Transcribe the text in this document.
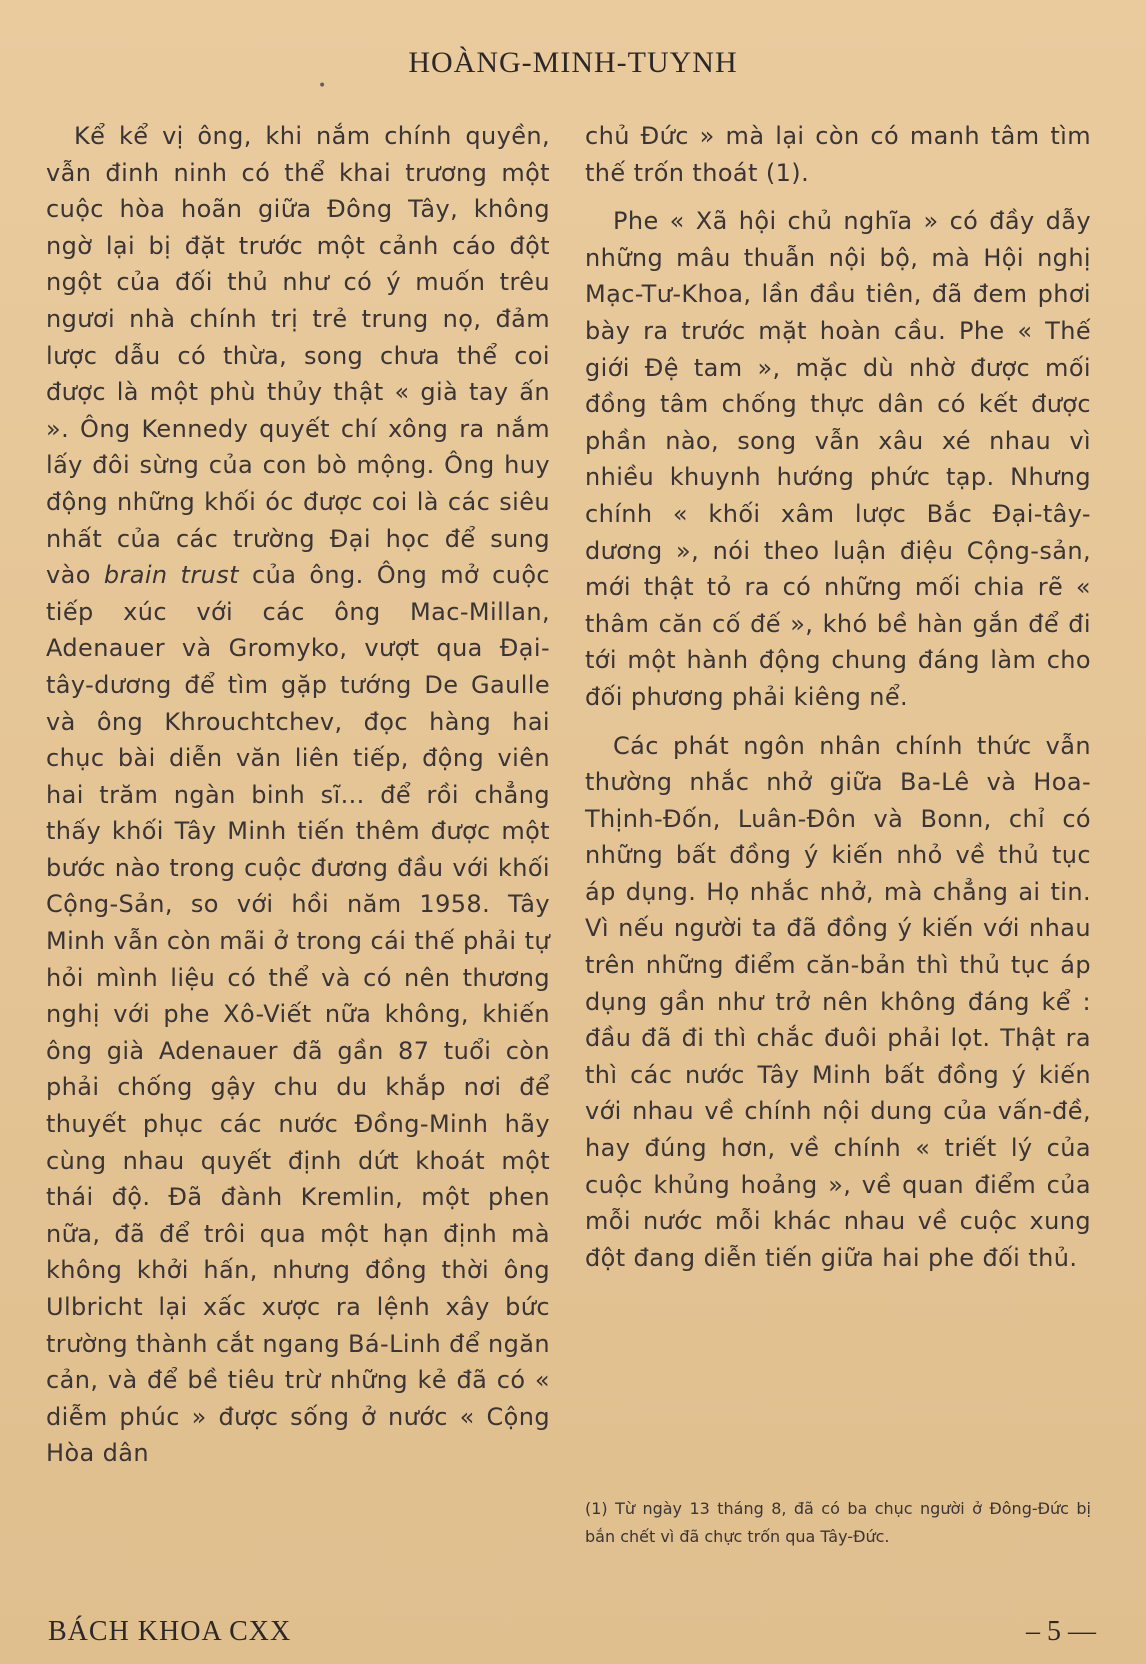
HOÀNG-MINH-TUYNH
•

Kể kể vị ông, khi nắm chính quyền, vẫn đinh ninh có thể khai trương một cuộc hòa hoãn giữa Đông Tây, không ngờ lại bị đặt trước một cảnh cáo đột ngột của đối thủ như có ý muốn trêu ngươi nhà chính trị trẻ trung nọ, đảm lược dẫu có thừa, song chưa thể coi được là một phù thủy thật « già tay ấn ». Ông Kennedy quyết chí xông ra nắm lấy đôi sừng của con bò mộng. Ông huy động những khối óc được coi là các siêu nhất của các trường Đại học để sung vào brain trust của ông. Ông mở cuộc tiếp xúc với các ông Mac-Millan, Adenauer và Gromyko, vượt qua Đại-tây-dương để tìm gặp tướng De Gaulle và ông Khrouchtchev, đọc hàng hai chục bài diễn văn liên tiếp, động viên hai trăm ngàn binh sĩ... để rồi chẳng thấy khối Tây Minh tiến thêm được một bước nào trong cuộc đương đầu với khối Cộng-Sản, so với hồi năm 1958. Tây Minh vẫn còn mãi ở trong cái thế phải tự hỏi mình liệu có thể và có nên thương nghị với phe Xô-Viết nữa không, khiến ông già Adenauer đã gần 87 tuổi còn phải chống gậy chu du khắp nơi để thuyết phục các nước Đồng-Minh hãy cùng nhau quyết định dứt khoát một thái độ. Đã đành Kremlin, một phen nữa, đã để trôi qua một hạn định mà không khởi hấn, nhưng đồng thời ông Ulbricht lại xấc xược ra lệnh xây bức trường thành cắt ngang Bá-Linh để ngăn cản, và để bề tiêu trừ những kẻ đã có « diễm phúc » được sống ở nước « Cộng Hòa dân

chủ Đức » mà lại còn có manh tâm tìm thế trốn thoát (1).

Phe « Xã hội chủ nghĩa » có đầy dẫy những mâu thuẫn nội bộ, mà Hội nghị Mạc-Tư-Khoa, lần đầu tiên, đã đem phơi bày ra trước mặt hoàn cầu. Phe « Thế giới Đệ tam », mặc dù nhờ được mối đồng tâm chống thực dân có kết được phần nào, song vẫn xâu xé nhau vì nhiều khuynh hướng phức tạp. Nhưng chính « khối xâm lược Bắc Đại-tây-dương », nói theo luận điệu Cộng-sản, mới thật tỏ ra có những mối chia rẽ « thâm căn cố đế », khó bề hàn gắn để đi tới một hành động chung đáng làm cho đối phương phải kiêng nể.

Các phát ngôn nhân chính thức vẫn thường nhắc nhở giữa Ba-Lê và Hoa-Thịnh-Đốn, Luân-Đôn và Bonn, chỉ có những bất đồng ý kiến nhỏ về thủ tục áp dụng. Họ nhắc nhở, mà chẳng ai tin. Vì nếu người ta đã đồng ý kiến với nhau trên những điểm căn-bản thì thủ tục áp dụng gần như trở nên không đáng kể : đầu đã đi thì chắc đuôi phải lọt. Thật ra thì các nước Tây Minh bất đồng ý kiến với nhau về chính nội dung của vấn-đề, hay đúng hơn, về chính « triết lý của cuộc khủng hoảng », về quan điểm của mỗi nước mỗi khác nhau về cuộc xung đột đang diễn tiến giữa hai phe đối thủ.

(1) Từ ngày 13 tháng 8, đã có ba chục người ở Đông-Đức bị bắn chết vì đã chực trốn qua Tây-Đức.
BÁCH KHOA CXX	– 5 —
